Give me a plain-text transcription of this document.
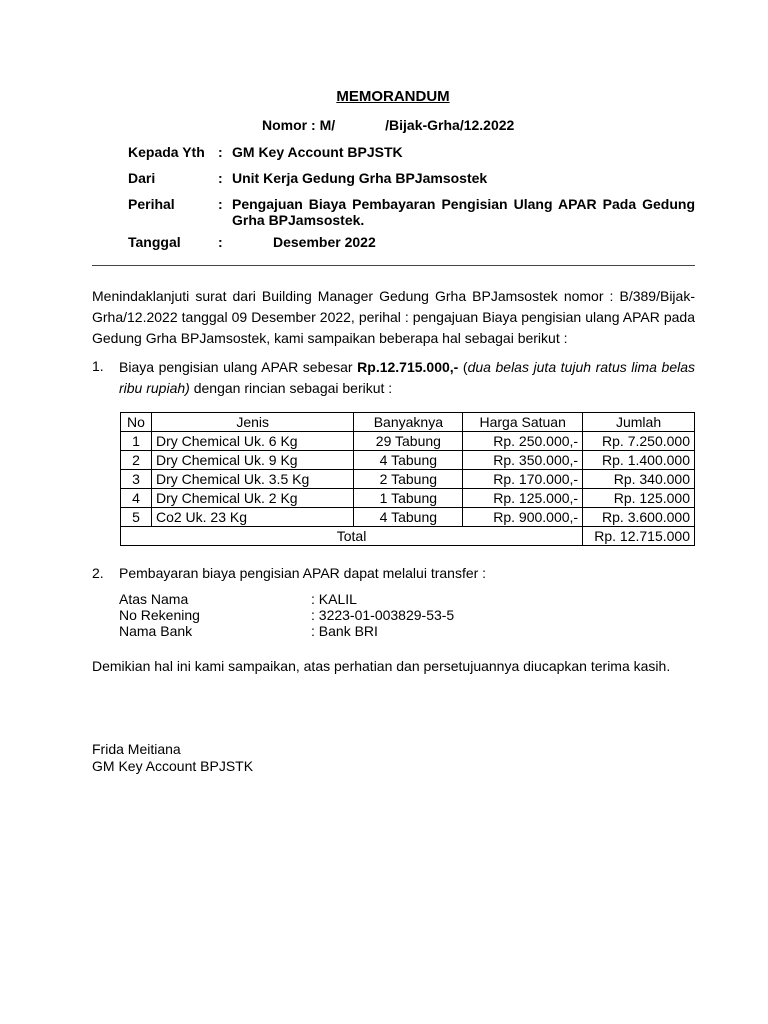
MEMORANDUM
Nomor : M/	/Bijak-Grha/12.2022
Kepada Yth : GM Key Account BPJSTK
Dari	: Unit Kerja Gedung Grha BPJamsostek
Perihal	: Pengajuan Biaya Pembayaran Pengisian Ulang APAR Pada Gedung
Grha BPJamsostek.
Tanggal	:	Desember 2022
Menindaklanjuti surat dari Building Manager Gedung Grha BPJamsostek nomor : B/389/Bijak-Grha/12.2022 tanggal 09 Desember 2022, perihal : pengajuan Biaya pengisian ulang APAR pada Gedung Grha BPJamsostek, kami sampaikan beberapa hal sebagai berikut :
1. Biaya pengisian ulang APAR sebesar Rp.12.715.000,- (dua belas juta tujuh ratus lima belas ribu rupiah) dengan rincian sebagai berikut :
No	Jenis	Banyaknya	Harga Satuan	Jumlah
1	Dry Chemical Uk. 6 Kg	29 Tabung	Rp. 250.000,-	Rp. 7.250.000
2	Dry Chemical Uk. 9 Kg	4 Tabung	Rp. 350.000,-	Rp. 1.400.000
3	Dry Chemical Uk. 3.5 Kg	2 Tabung	Rp. 170.000,-	Rp. 340.000
4	Dry Chemical Uk. 2 Kg	1 Tabung	Rp. 125.000,-	Rp. 125.000
5	Co2 Uk. 23 Kg	4 Tabung	Rp. 900.000,-	Rp. 3.600.000
Total				Rp. 12.715.000
2. Pembayaran biaya pengisian APAR dapat melalui transfer :
Atas Nama	: KALIL
No Rekening	: 3223-01-003829-53-5
Nama Bank	: Bank BRI
Demikian hal ini kami sampaikan, atas perhatian dan persetujuannya diucapkan terima kasih.
Frida Meitiana
GM Key Account BPJSTK
